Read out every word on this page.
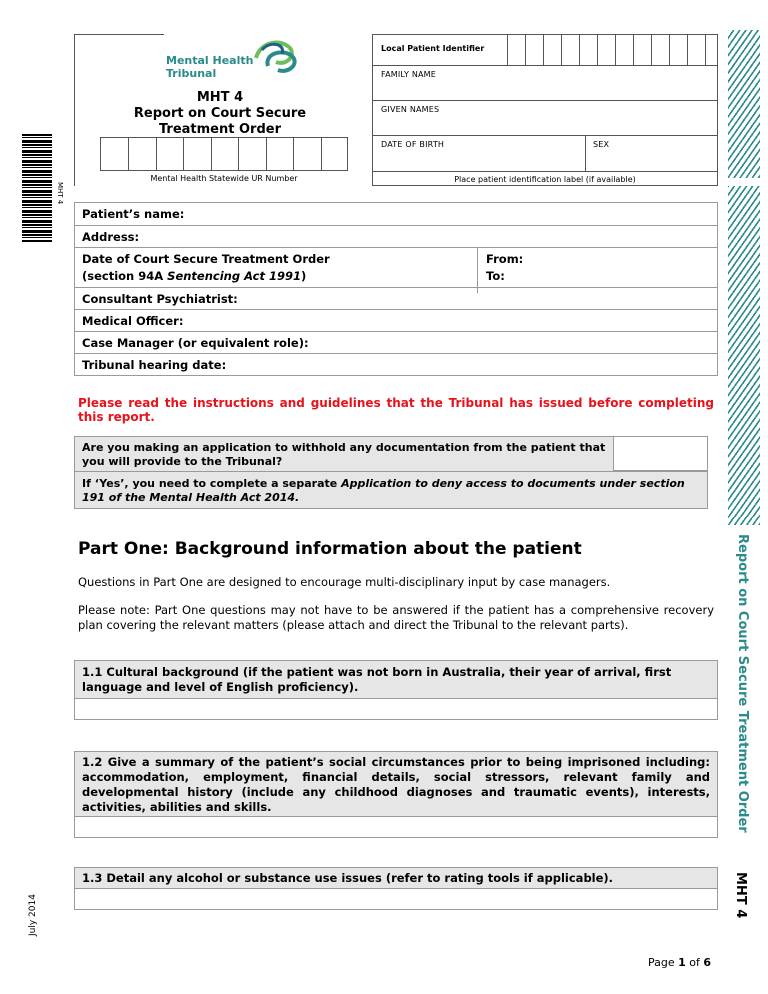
Mental Health
Tribunal
MHT 4
Report on Court Secure
Treatment Order
Mental Health Statewide UR Number
MHT 4
Local Patient Identifier
FAMILY NAME
GIVEN NAMES
DATE OF BIRTH	SEX
Place patient identification label (if available)
Patient’s name:
Address:
Date of Court Secure Treatment Order
(section 94A Sentencing Act 1991)
From:
To:
Consultant Psychiatrist:
Medical Officer:
Case Manager (or equivalent role):
Tribunal hearing date:
Please read the instructions and guidelines that the Tribunal has issued before completing this report.
Are you making an application to withhold any documentation from the patient that you will provide to the Tribunal?
If ‘Yes’, you need to complete a separate Application to deny access to documents under section 191 of the Mental Health Act 2014.
Part One: Background information about the patient
Questions in Part One are designed to encourage multi-disciplinary input by case managers.
Please note: Part One questions may not have to be answered if the patient has a comprehensive recovery plan covering the relevant matters (please attach and direct the Tribunal to the relevant parts).
1.1 Cultural background (if the patient was not born in Australia, their year of arrival, first language and level of English proficiency).
1.2 Give a summary of the patient’s social circumstances prior to being imprisoned including: accommodation, employment, financial details, social stressors, relevant family and developmental history (include any childhood diagnoses and traumatic events), interests, activities, abilities and skills.
1.3 Detail any alcohol or substance use issues (refer to rating tools if applicable).
Report on Court Secure Treatment Order
MHT 4
July 2014
Page 1 of 6
